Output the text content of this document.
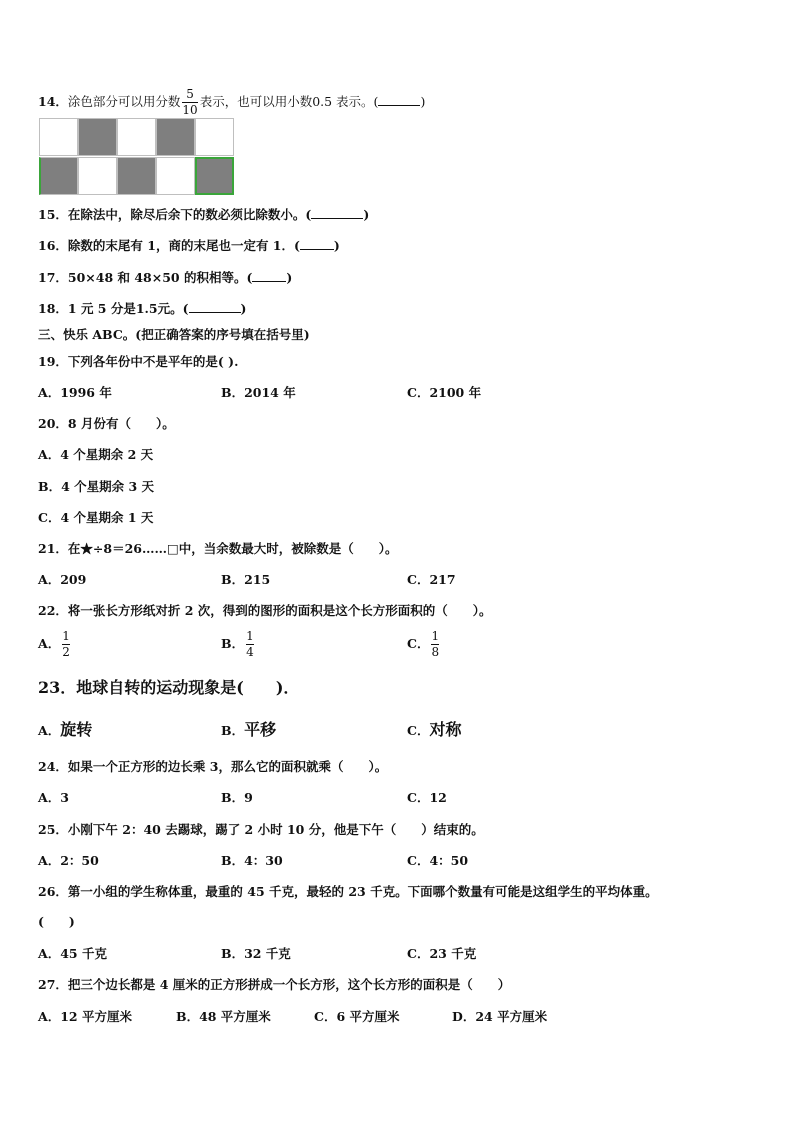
14．涂色部分可以用分数 $\frac{5}{10}$ 表示，也可以用小数0.5 表示。(	)
15．在除法中，除尽后余下的数必须比除数小。(	)
16．除数的末尾有 1，商的末尾也一定有 1．(	)
17．50×48 和 48×50 的积相等。(	)
18．1 元 5 分是1.5元。(	)
三、快乐 ABC。(把正确答案的序号填在括号里)
19．下列各年份中不是平年的是( ).
A．1996 年	B．2014 年	C．2100 年
20．8 月份有（　　）。
A．4 个星期余 2 天
B．4 个星期余 3 天
C．4 个星期余 1 天
21．在★÷8＝26……□中，当余数最大时，被除数是（　　）。
A．209	B．215	C．217
22．将一张长方形纸对折 2 次，得到的图形的面积是这个长方形面积的（　　）。
A． $\frac{1}{2}$	B． $\frac{1}{4}$	C． $\frac{1}{8}$
23．地球自转的运动现象是(　　)．
A．旋转	B．平移	C．对称
24．如果一个正方形的边长乘 3，那么它的面积就乘（　　）。
A．3	B．9	C．12
25．小刚下午 2：40 去踢球，踢了 2 小时 10 分，他是下午（　　）结束的。
A．2：50	B．4：30	C．4：50
26．第一小组的学生称体重，最重的 45 千克，最轻的 23 千克。下面哪个数量有可能是这组学生的平均体重。
(　　)
A．45 千克	B．32 千克	C．23 千克
27．把三个边长都是 4 厘米的正方形拼成一个长方形，这个长方形的面积是（　　）
A．12 平方厘米	B．48 平方厘米	C．6 平方厘米	D．24 平方厘米
